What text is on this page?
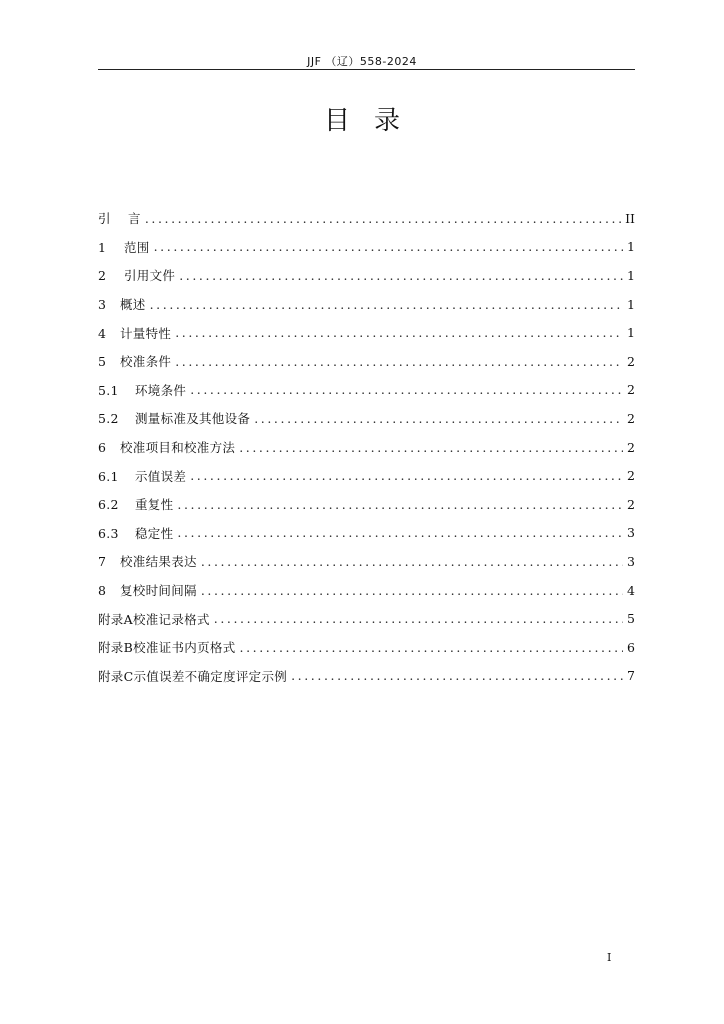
JJF （辽）558-2024
目录
引 言 .....	II
1 范围 .....	1
2 引用文件 .....	1
3 概述 .....	1
4 计量特性 .....	1
5 校准条件 .....	2
5.1 环境条件 .....	2
5.2 测量标准及其他设备 .....	2
6 校准项目和校准方法 .....	2
6.1 示值误差 .....	2
6.2 重复性 .....	2
6.3 稳定性 .....	3
7 校准结果表达 .....	3
8 复校时间间隔 .....	4
附录A校准记录格式 .....	5
附录B校准证书内页格式 .....	6
附录C示值误差不确定度评定示例 .....	7
I
